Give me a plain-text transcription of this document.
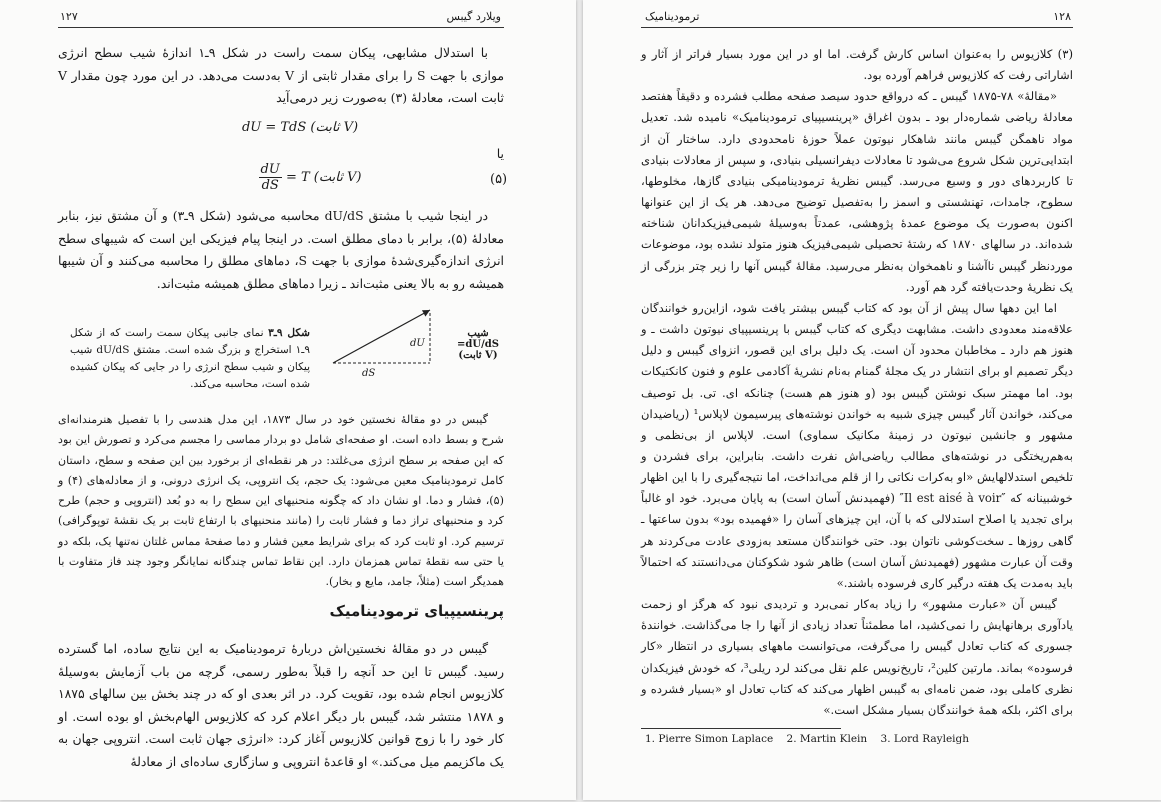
ویلارد گیبس
۱۲۷

با استدلال مشابهی، پیکان سمت راست در شکل ۹ـ۱ اندازهٔ شیب سطح انرژی موازی با جهت S را برای مقدار ثابتی از V به‌دست می‌دهد. در این مورد چون مقدار V ثابت است، معادلهٔ (۳) به‌صورت زیر درمی‌آید

dU = TdS (ثابت V)
یا
$\frac{dU}{dS} = T$ (ثابت V)	(۵)

در اینجا شیب با مشتق dU/dS محاسبه می‌شود (شکل ۹ـ۳) و آن مشتق نیز، بنابر معادلهٔ (۵)، برابر با دمای مطلق است. در اینجا پیام فیزیکی این است که شیبهای سطح انرژی اندازه‌گیری‌شدهٔ موازی با جهت S، دماهای مطلق را محاسبه می‌کنند و آن شیبها همیشه رو به بالا یعنی مثبت‌اند ـ زیرا دماهای مطلق همیشه مثبت‌اند.

dU
dS
شیب =dU/dS
(ثابت V)
شکل ۹ـ۳ نمای جانبی پیکان سمت راست که از شکل ۹ـ۱ استخراج و بزرگ شده است. مشتق dU/dS شیب پیکان و شیب سطح انرژی را در جایی که پیکان کشیده شده است، محاسبه می‌کند.

گیبس در دو مقالهٔ نخستین خود در سال ۱۸۷۳، این مدل هندسی را با تفصیل هنرمندانه‌ای شرح و بسط داده است. او صفحه‌ای شامل دو بردار مماسی را مجسم می‌کرد و تصورش این بود که این صفحه بر سطح انرژی می‌غلتد: در هر نقطه‌ای از برخورد بین این صفحه و سطح، داستان کامل ترمودینامیک معین می‌شود: یک حجم، یک انتروپی، یک انرژی درونی، و از معادله‌های (۴) و (۵)، فشار و دما. او نشان داد که چگونه منحنیهای این سطح را به دو بُعد (انتروپی و حجم) طرح کرد و منحنیهای تراز دما و فشار ثابت را (مانند منحنیهای با ارتفاع ثابت بر یک نقشهٔ توپوگرافی) ترسیم کرد. او ثابت کرد که برای شرایط معین فشار و دما صفحهٔ مماس غلتان نه‌تنها یک، بلکه دو یا حتی سه نقطهٔ تماس همزمان دارد. این نقاط تماس چندگانه نمایانگر وجود چند فاز متفاوت با همدیگر است (مثلاً، جامد، مایع و بخار).

پرینسیپیای ترمودینامیک

گیبس در دو مقالهٔ نخستین‌اش دربارهٔ ترمودینامیک به این نتایج ساده، اما گسترده رسید. گیبس تا این حد آنچه را قبلاً به‌طور رسمی، گرچه من باب آزمایش به‌وسیلهٔ کلازیوس انجام شده بود، تقویت کرد. در اثر بعدی او که در چند بخش بین سالهای ۱۸۷۵ و ۱۸۷۸ منتشر شد، گیبس بار دیگر اعلام کرد که کلازیوس الهام‌بخش او بوده است. او کار خود را با زوج قوانین کلازیوس آغاز کرد: «انرژی جهان ثابت است. انتروپی جهان به یک ماکزیمم میل می‌کند.» او قاعدهٔ انتروپی و سازگاری ساده‌ای از معادلهٔ

۱۲۸
ترمودینامیک

(۳) کلازیوس را به‌عنوان اساس کارش گرفت. اما او در این مورد بسیار فراتر از آثار و اشاراتی رفت که کلازیوس فراهم آورده بود.

«مقالهٔ» ۷۸-۱۸۷۵ گیبس ـ که درواقع حدود سیصد صفحه مطلب فشرده و دقیقاً هفتصد معادلهٔ ریاضی شماره‌دار بود ـ بدون اغراق «پرینسیپیای ترمودینامیک» نامیده شد. تعدیل مواد ناهمگن گیبس مانند شاهکار نیوتون عملاً حوزهٔ نامحدودی دارد. ساختار آن از ابتدایی‌ترین شکل شروع می‌شود تا معادلات دیفرانسیلی بنیادی، و سپس از معادلات بنیادی تا کاربردهای دور و وسیع می‌رسد. گیبس نظریهٔ ترمودینامیکی بنیادی گازها، مخلوطها، سطوح، جامدات، تهنشستی و اسمز را به‌تفصیل توضیح می‌دهد. هر یک از این عنوانها اکنون به‌صورت یک موضوع عمدهٔ پژوهشی، عمدتاً به‌وسیلهٔ شیمی‌فیزیکدانان شناخته شده‌اند. در سالهای ۱۸۷۰ که رشتهٔ تحصیلی شیمی‌فیزیک هنوز متولد نشده بود، موضوعات موردنظر گیبس ناآشنا و ناهمخوان به‌نظر می‌رسید. مقالهٔ گیبس آنها را زیر چتر بزرگی از یک نظریهٔ وحدت‌یافته گرد هم آورد.

اما این دهها سال پیش از آن بود که کتاب گیبس بیشتر یافت شود، ازاین‌رو خوانندگان علاقه‌مند معدودی داشت. مشابهت دیگری که کتاب گیبس با پرینسیپیای نیوتون داشت ـ و هنوز هم دارد ـ مخاطبان محدود آن است. یک دلیل برای این قصور، انزوای گیبس و دلیل دیگر تصمیم او برای انتشار در یک مجلهٔ گمنام به‌نام نشریهٔ آکادمی علوم و فنون کانکتیکات بود. اما مهمتر سبک نوشتن گیبس بود (و هنوز هم هست) چنانکه ای. تی. بل توصیف می‌کند، خواندن آثار گیبس چیزی شبیه به خواندن نوشته‌های پیرسیمون لاپلاس¹ (ریاضیدان مشهور و جانشین نیوتون در زمینهٔ مکانیک سماوی) است. لاپلاس از بی‌نظمی و به‌هم‌ریختگی در نوشته‌های مطالب ریاضی‌اش نفرت داشت. بنابراین، برای فشردن و تلخیص استدلالهایش «او به‌کرات نکاتی را از قلم می‌انداخت، اما نتیجه‌گیری را با این اظهار خوشبینانه که ″Il est aisé à voir″ (فهمیدنش آسان است) به پایان می‌برد. خود او غالباً برای تجدید یا اصلاح استدلالی که با آن، این چیزهای آسان را «فهمیده بود» بدون ساعتها ـ گاهی روزها ـ سخت‌کوشی ناتوان بود. حتی خوانندگان مستعد به‌زودی عادت می‌کردند هر وقت آن عبارت مشهور (فهمیدنش آسان است) ظاهر شود شکوکنان می‌دانستند که احتمالاً باید به‌مدت یک هفته درگیر کاری فرسوده باشند.»

گیبس آن «عبارت مشهور» را زیاد به‌کار نمی‌برد و تردیدی نبود که هرگز او زحمت یادآوری برهانهایش را نمی‌کشید، اما مطمئناً تعداد زیادی از آنها را جا می‌گذاشت. خوانندهٔ جسوری که کتاب تعادل گیبس را می‌گرفت، می‌توانست ماههای بسیاری در انتظار «کار فرسوده» بماند. مارتین کلین²، تاریخ‌نویس علم نقل می‌کند لرد ریلی³، که خودش فیزیکدان نظری کاملی بود، ضمن نامه‌ای به گیبس اظهار می‌کند که کتاب تعادل او «بسیار فشرده و برای اکثر، بلکه همهٔ خوانندگان بسیار مشکل است.»

1. Pierre Simon Laplace 2. Martin Klein 3. Lord Rayleigh
